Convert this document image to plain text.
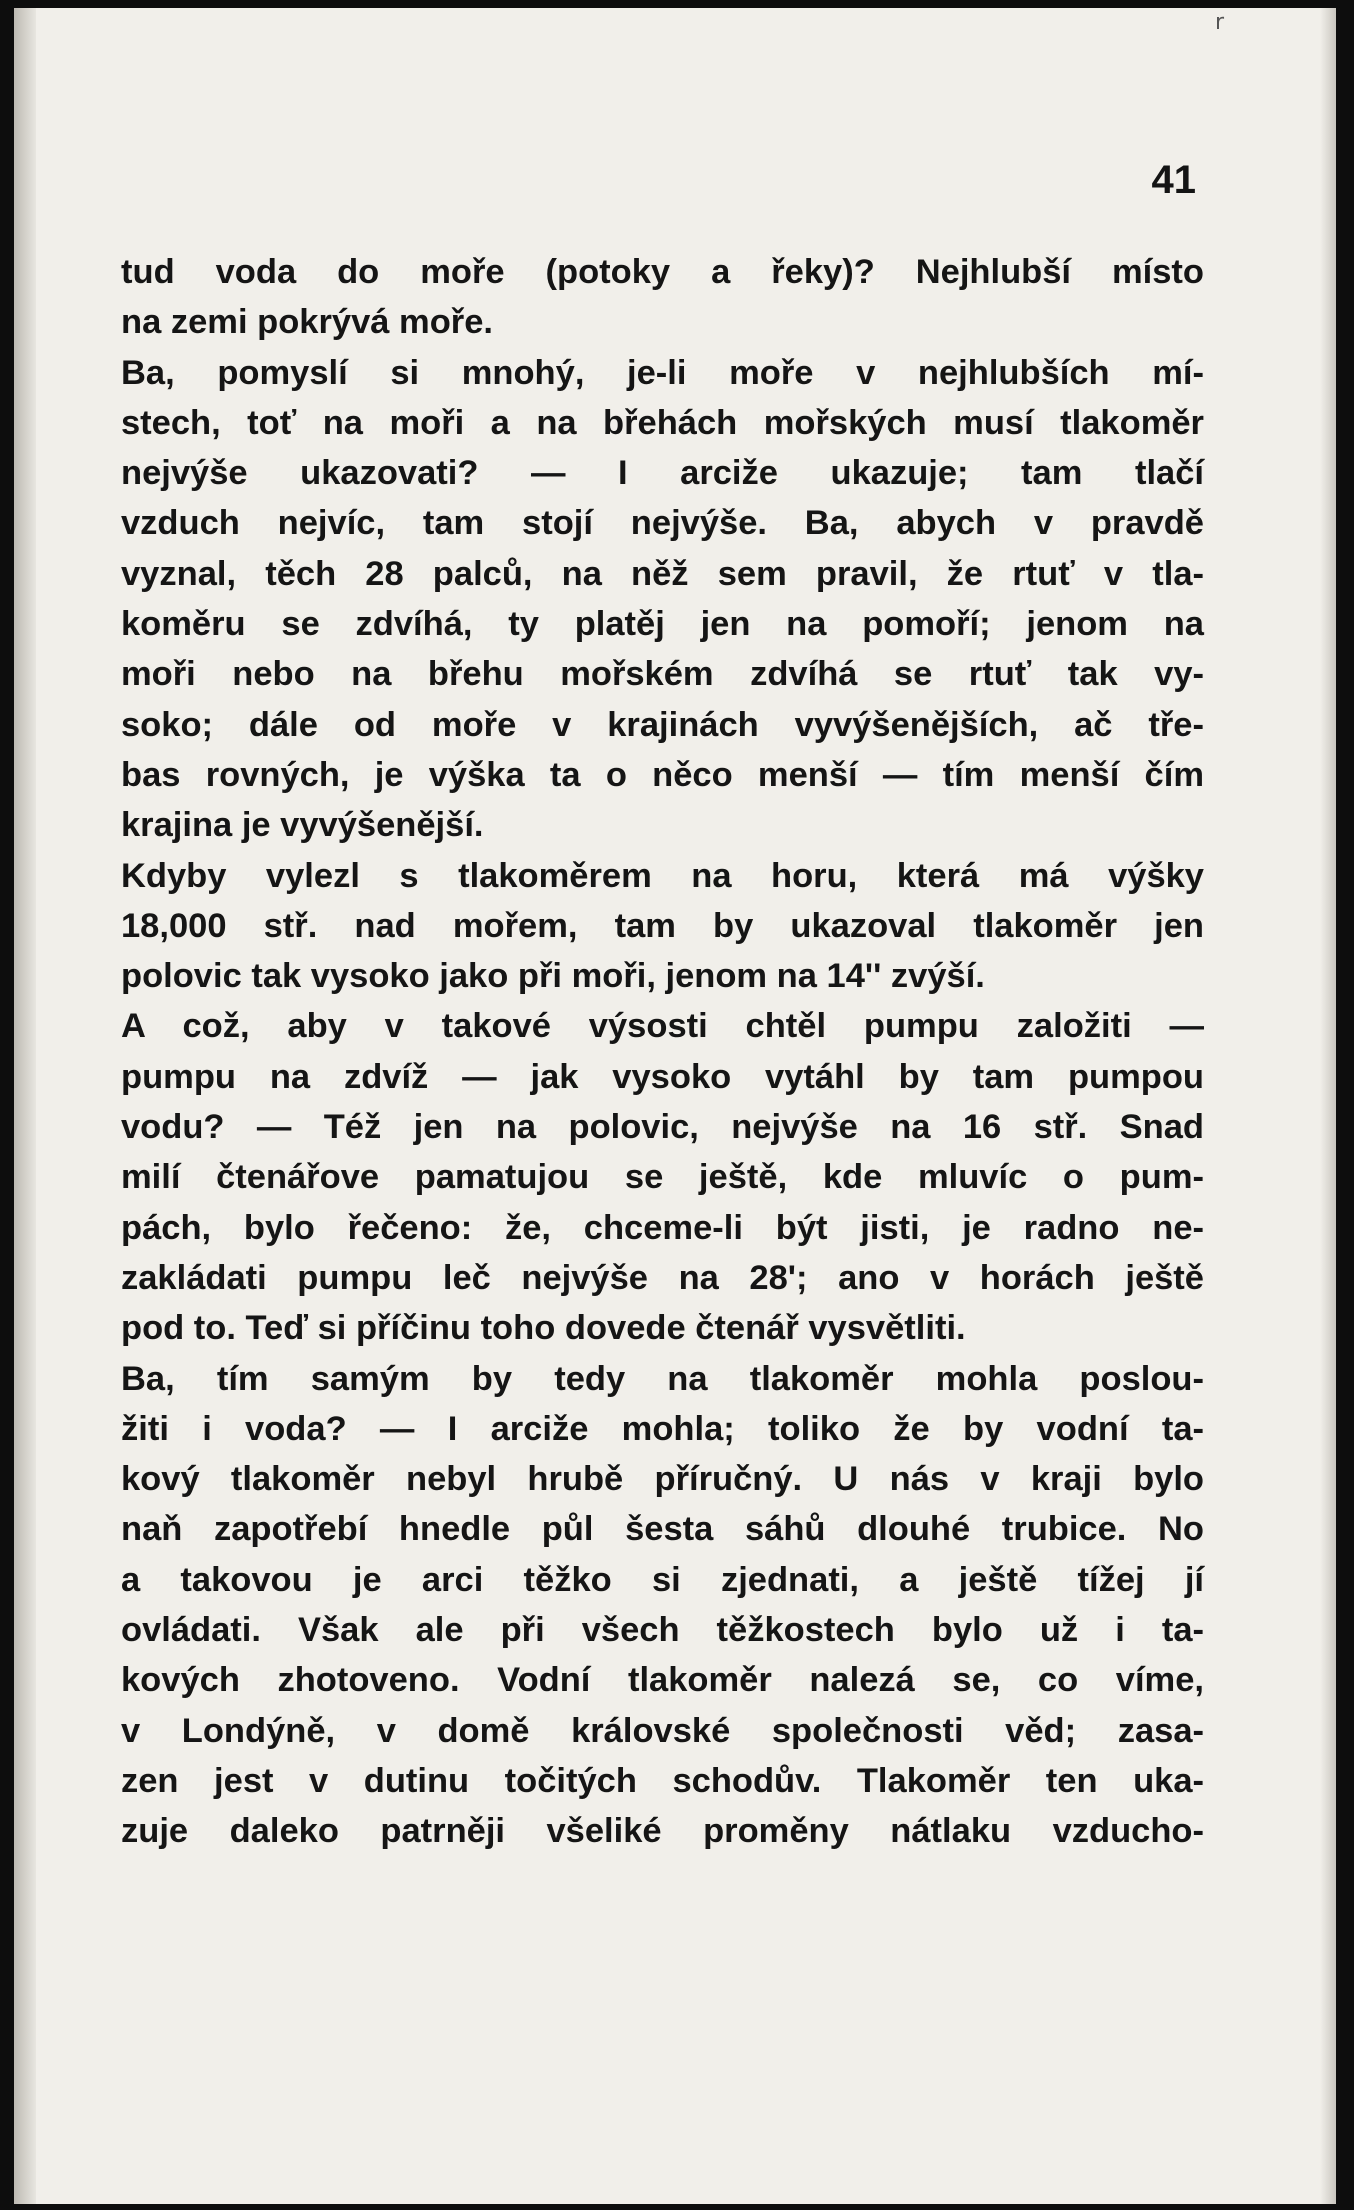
r
41
tud voda do moře (potoky a řeky)? Nejhlubší místo
na zemi pokrývá moře.
Ba, pomyslí si mnohý, je-li moře v nejhlubších mí-
stech, toť na moři a na břehách mořských musí tlakoměr
nejvýše ukazovati? — I arciže ukazuje; tam tlačí
vzduch nejvíc, tam stojí nejvýše. Ba, abych v pravdě
vyznal, těch 28 palců, na něž sem pravil, že rtuť v tla-
koměru se zdvíhá, ty platěj jen na pomoří; jenom na
moři nebo na břehu mořském zdvíhá se rtuť tak vy-
soko; dále od moře v krajinách vyvýšenějších, ač tře-
bas rovných, je výška ta o něco menší — tím menší čím
krajina je vyvýšenější.
Kdyby vylezl s tlakoměrem na horu, která má výšky
18,000 stř. nad mořem, tam by ukazoval tlakoměr jen
polovic tak vysoko jako při moři, jenom na 14'' zvýší.
A což, aby v takové výsosti chtěl pumpu založiti —
pumpu na zdvíž — jak vysoko vytáhl by tam pumpou
vodu? — Též jen na polovic, nejvýše na 16 stř. Snad
milí čtenářove pamatujou se ještě, kde mluvíc o pum-
pách, bylo řečeno: že, chceme-li být jisti, je radno ne-
zakládati pumpu leč nejvýše na 28'; ano v horách ještě
pod to. Teď si příčinu toho dovede čtenář vysvětliti.
Ba, tím samým by tedy na tlakoměr mohla poslou-
žiti i voda? — I arciže mohla; toliko že by vodní ta-
kový tlakoměr nebyl hrubě příručný. U nás v kraji bylo
naň zapotřebí hnedle půl šesta sáhů dlouhé trubice. No
a takovou je arci těžko si zjednati, a ještě tížej jí
ovládati. Však ale při všech těžkostech bylo už i ta-
kových zhotoveno. Vodní tlakoměr nalezá se, co víme,
v Londýně, v domě královské společnosti věd; zasa-
zen jest v dutinu točitých schodův. Tlakoměr ten uka-
zuje daleko patrněji všeliké proměny nátlaku vzducho-
